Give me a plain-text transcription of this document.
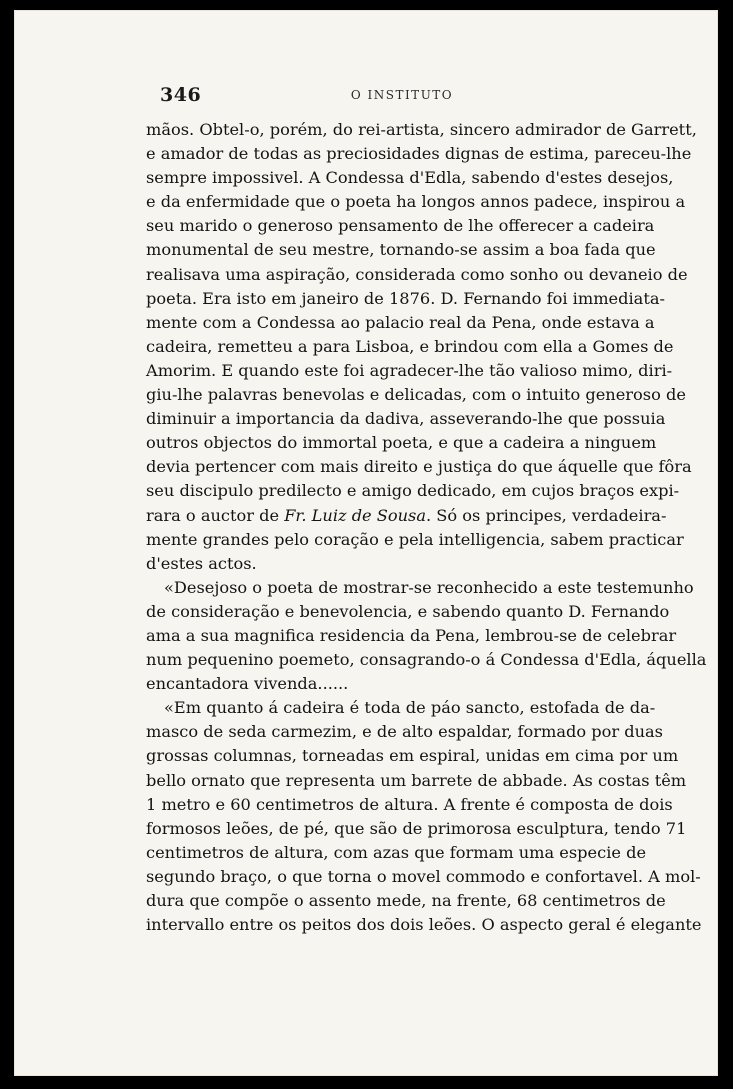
346	O INSTITUTO
mãos. Obtel-o, porém, do rei-artista, sincero admirador de Garrett,
e amador de todas as preciosidades dignas de estima, pareceu-lhe
sempre impossivel. A Condessa d'Edla, sabendo d'estes desejos,
e da enfermidade que o poeta ha longos annos padece, inspirou a
seu marido o generoso pensamento de lhe offerecer a cadeira
monumental de seu mestre, tornando-se assim a boa fada que
realisava uma aspiração, considerada como sonho ou devaneio de
poeta. Era isto em janeiro de 1876. D. Fernando foi immediata-
mente com a Condessa ao palacio real da Pena, onde estava a
cadeira, remetteu a para Lisboa, e brindou com ella a Gomes de
Amorim. E quando este foi agradecer-lhe tão valioso mimo, diri-
giu-lhe palavras benevolas e delicadas, com o intuito generoso de
diminuir a importancia da dadiva, asseverando-lhe que possuia
outros objectos do immortal poeta, e que a cadeira a ninguem
devia pertencer com mais direito e justiça do que áquelle que fôra
seu discipulo predilecto e amigo dedicado, em cujos braços expi-
rara o auctor de Fr. Luiz de Sousa. Só os principes, verdadeira-
mente grandes pelo coração e pela intelligencia, sabem practicar
d'estes actos.
«Desejoso o poeta de mostrar-se reconhecido a este testemunho
de consideração e benevolencia, e sabendo quanto D. Fernando
ama a sua magnifica residencia da Pena, lembrou-se de celebrar
num pequenino poemeto, consagrando-o á Condessa d'Edla, áquella
encantadora vivenda......
«Em quanto á cadeira é toda de páo sancto, estofada de da-
masco de seda carmezim, e de alto espaldar, formado por duas
grossas columnas, torneadas em espiral, unidas em cima por um
bello ornato que representa um barrete de abbade. As costas têm
1 metro e 60 centimetros de altura. A frente é composta de dois
formosos leões, de pé, que são de primorosa esculptura, tendo 71
centimetros de altura, com azas que formam uma especie de
segundo braço, o que torna o movel commodo e confortavel. A mol-
dura que compõe o assento mede, na frente, 68 centimetros de
intervallo entre os peitos dos dois leões. O aspecto geral é elegante
